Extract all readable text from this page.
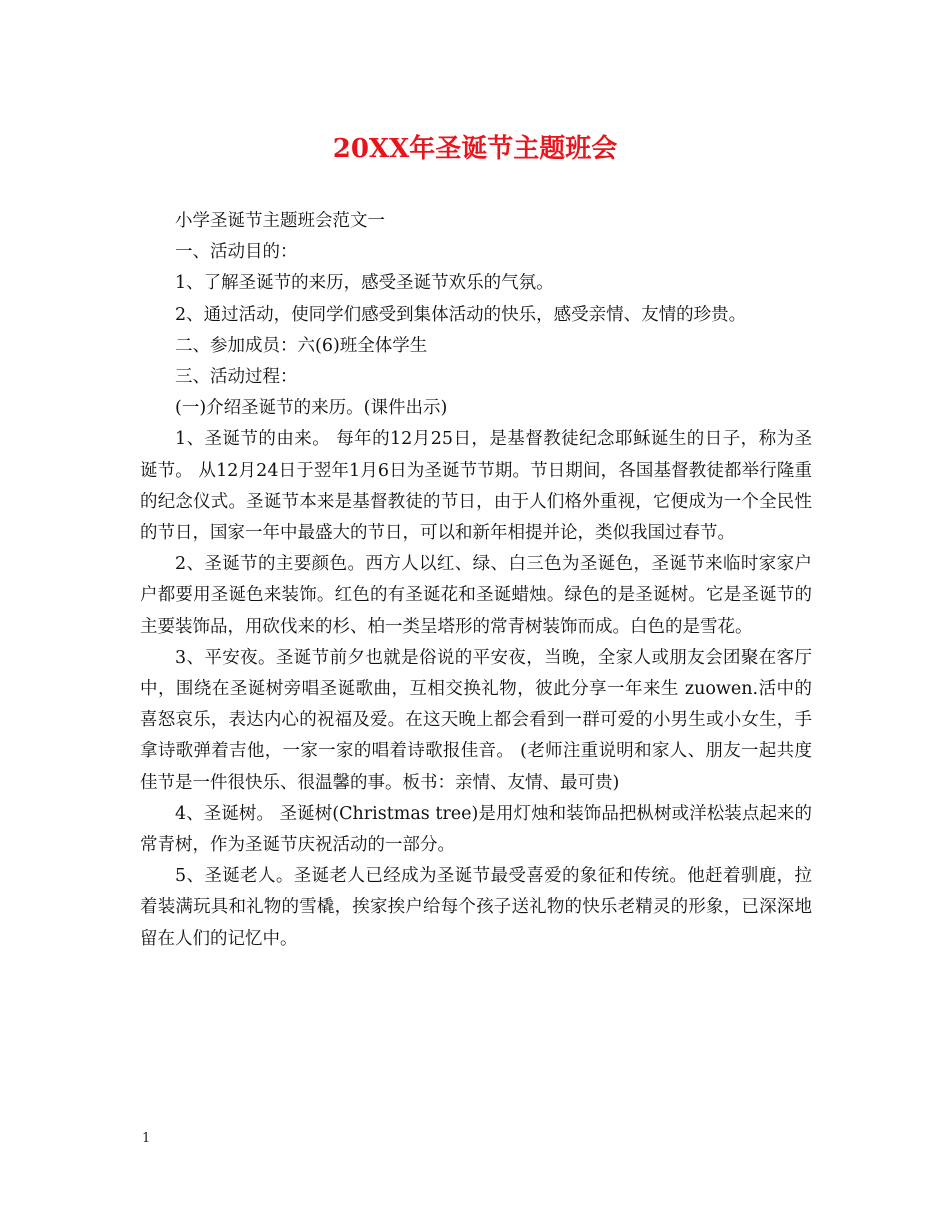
20XX年圣诞节主题班会

小学圣诞节主题班会范文一

一、活动目的：

1、了解圣诞节的来历，感受圣诞节欢乐的气氛。

2、通过活动，使同学们感受到集体活动的快乐，感受亲情、友情的珍贵。

二、参加成员：六(6)班全体学生

三、活动过程：

(一)介绍圣诞节的来历。(课件出示)

1、圣诞节的由来。 每年的12月25日，是基督教徒纪念耶稣诞生的日子，称为圣诞节。 从12月24日于翌年1月6日为圣诞节节期。节日期间，各国基督教徒都举行隆重的纪念仪式。圣诞节本来是基督教徒的节日，由于人们格外重视，它便成为一个全民性的节日，国家一年中最盛大的节日，可以和新年相提并论，类似我国过春节。

2、圣诞节的主要颜色。西方人以红、绿、白三色为圣诞色，圣诞节来临时家家户户都要用圣诞色来装饰。红色的有圣诞花和圣诞蜡烛。绿色的是圣诞树。它是圣诞节的主要装饰品，用砍伐来的杉、柏一类呈塔形的常青树装饰而成。白色的是雪花。

3、平安夜。圣诞节前夕也就是俗说的平安夜，当晚，全家人或朋友会团聚在客厅中，围绕在圣诞树旁唱圣诞歌曲，互相交换礼物，彼此分享一年来生 zuowen.活中的喜怒哀乐，表达内心的祝福及爱。在这天晚上都会看到一群可爱的小男生或小女生，手拿诗歌弹着吉他，一家一家的唱着诗歌报佳音。 (老师注重说明和家人、朋友一起共度佳节是一件很快乐、很温馨的事。板书：亲情、友情、最可贵)

4、圣诞树。 圣诞树(Christmas tree)是用灯烛和装饰品把枞树或洋松装点起来的常青树，作为圣诞节庆祝活动的一部分。

5、圣诞老人。圣诞老人已经成为圣诞节最受喜爱的象征和传统。他赶着驯鹿，拉着装满玩具和礼物的雪橇，挨家挨户给每个孩子送礼物的快乐老精灵的形象，已深深地留在人们的记忆中。

1
